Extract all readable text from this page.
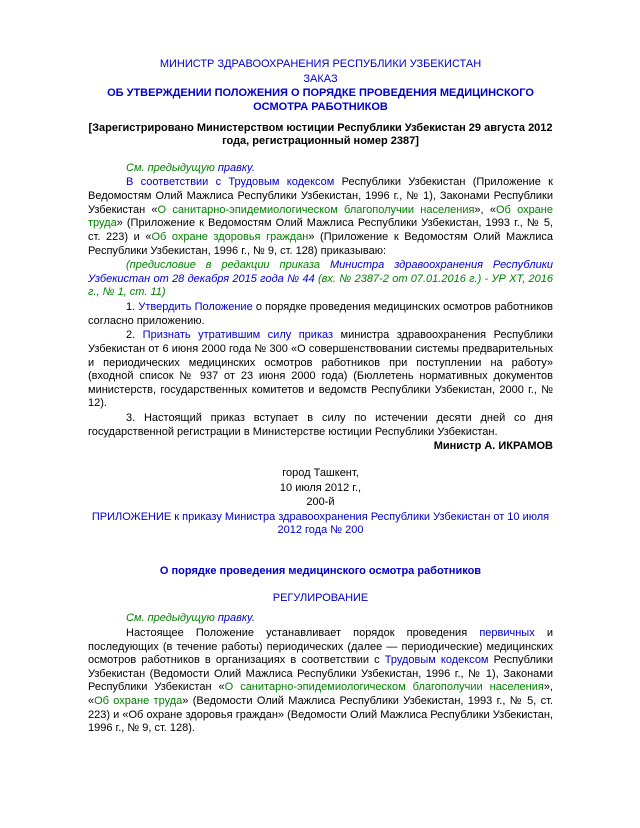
МИНИСТР ЗДРАВООХРАНЕНИЯ РЕСПУБЛИКИ УЗБЕКИСТАН

ЗАКАЗ

ОБ УТВЕРЖДЕНИИ ПОЛОЖЕНИЯ О ПОРЯДКЕ ПРОВЕДЕНИЯ МЕДИЦИНСКОГО ОСМОТРА РАБОТНИКОВ

[Зарегистрировано Министерством юстиции Республики Узбекистан 29 августа 2012 года, регистрационный номер 2387]

См. предыдущую правку.

В соответствии с Трудовым кодексом Республики Узбекистан (Приложение к Ведомостям Олий Мажлиса Республики Узбекистан, 1996 г., № 1), Законами Республики Узбекистан «О санитарно-эпидемиологическом благополучии населения», «Об охране труда» (Приложение к Ведомостям Олий Мажлиса Республики Узбекистан, 1993 г., № 5, ст. 223) и «Об охране здоровья граждан» (Приложение к Ведомостям Олий Мажлиса Республики Узбекистан, 1996 г., № 9, ст. 128) приказываю:

(предисловие в редакции приказа Министра здравоохранения Республики Узбекистан от 28 декабря 2015 года № 44 (вх. № 2387-2 от 07.01.2016 г.) - УР ХТ, 2016 г., № 1, ст. 11)

1. Утвердить Положение о порядке проведения медицинских осмотров работников согласно приложению.

2. Признать утратившим силу приказ министра здравоохранения Республики Узбекистан от 6 июня 2000 года № 300 «О совершенствовании системы предварительных и периодических медицинских осмотров работников при поступлении на работу» (входной список № 937 от 23 июня 2000 года) (Бюллетень нормативных документов министерств, государственных комитетов и ведомств Республики Узбекистан, 2000 г., № 12).

3. Настоящий приказ вступает в силу по истечении десяти дней со дня государственной регистрации в Министерстве юстиции Республики Узбекистан.

Министр А. ИКРАМОВ

город Ташкент,

10 июля 2012 г.,

200-й

ПРИЛОЖЕНИЕ к приказу Министра здравоохранения Республики Узбекистан от 10 июля 2012 года № 200

О порядке проведения медицинского осмотра работников

РЕГУЛИРОВАНИЕ

См. предыдущую правку.

Настоящее Положение устанавливает порядок проведения первичных и последующих (в течение работы) периодических (далее — периодические) медицинских осмотров работников в организациях в соответствии с Трудовым кодексом Республики Узбекистан (Ведомости Олий Мажлиса Республики Узбекистан, 1996 г., № 1), Законами Республики Узбекистан «О санитарно-эпидемиологическом благополучии населения», «Об охране труда» (Ведомости Олий Мажлиса Республики Узбекистан, 1993 г., № 5, ст. 223) и «Об охране здоровья граждан» (Ведомости Олий Мажлиса Республики Узбекистан, 1996 г., № 9, ст. 128).
